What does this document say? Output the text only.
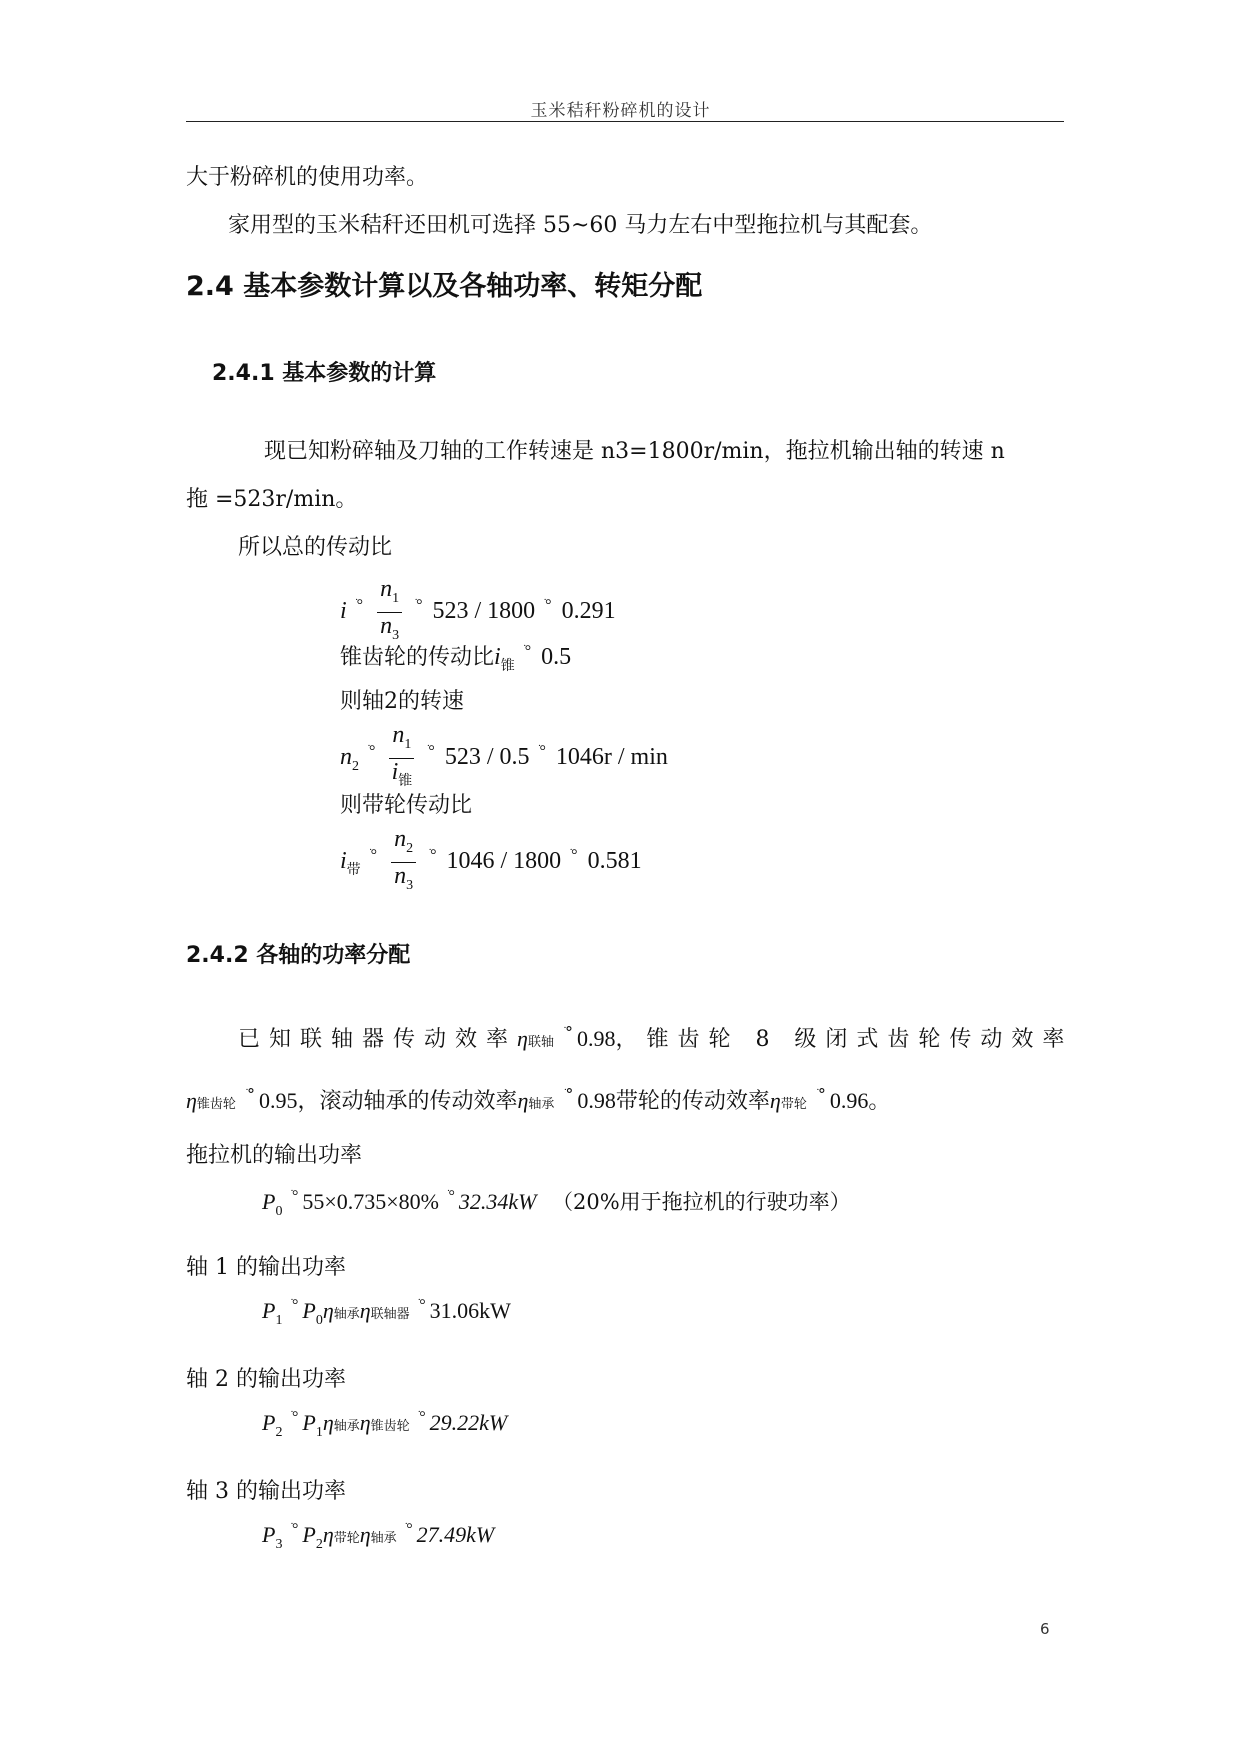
玉米秸秆粉碎机的设计
大于粉碎机的使用功率。
家用型的玉米秸秆还田机可选择 55~60 马力左右中型拖拉机与其配套。
2.4 基本参数计算以及各轴功率、转矩分配
2.4.1 基本参数的计算
现已知粉碎轴及刀轴的工作转速是 n3=1800r/min，拖拉机输出轴的转速 n
拖 =523r/min。
所以总的传动比
i $^{ׂ^\circ} \frac{n_1}{n_3} ^{ׂ^\circ}$ 523 / 1800 ׂ° 0.291
锥齿轮的传动比$i_锥$ ׂ° 0.5
则轴2的转速
$n_2$ $^{ׂ^\circ} \frac{n_1}{i_锥} ^{ׂ^\circ}$ 523 / 0.5 ׂ° 1046r / min
则带轮传动比
$i_带$ $^{ׂ^\circ} \frac{n_2}{n_3} ^{ׂ^\circ}$ 1046 / 1800 ׂ° 0.581
2.4.2 各轴的功率分配
已知联轴器传动效率η联轴 ׂ° 0.98，锥齿轮 8 级闭式齿轮传动效率
η锥齿轮 ׂ° 0.95，滚动轴承的传动效率η轴承 ׂ° 0.98带轮的传动效率η带轮 ׂ° 0.96。
拖拉机的输出功率
$P_0$ ׂ° 55×0.735×80% ׂ° 32.34kW （20%用于拖拉机的行驶功率）
轴 1 的输出功率
$P_1$ ׂ° $P_0\eta$轴承η联轴器 ׂ° 31.06kW
轴 2 的输出功率
$P_2$ ׂ° $P_1\eta$轴承η锥齿轮 ׂ° 29.22kW
轴 3 的输出功率
$P_3$ ׂ° $P_2\eta$带轮η轴承 ׂ° 27.49kW
6
